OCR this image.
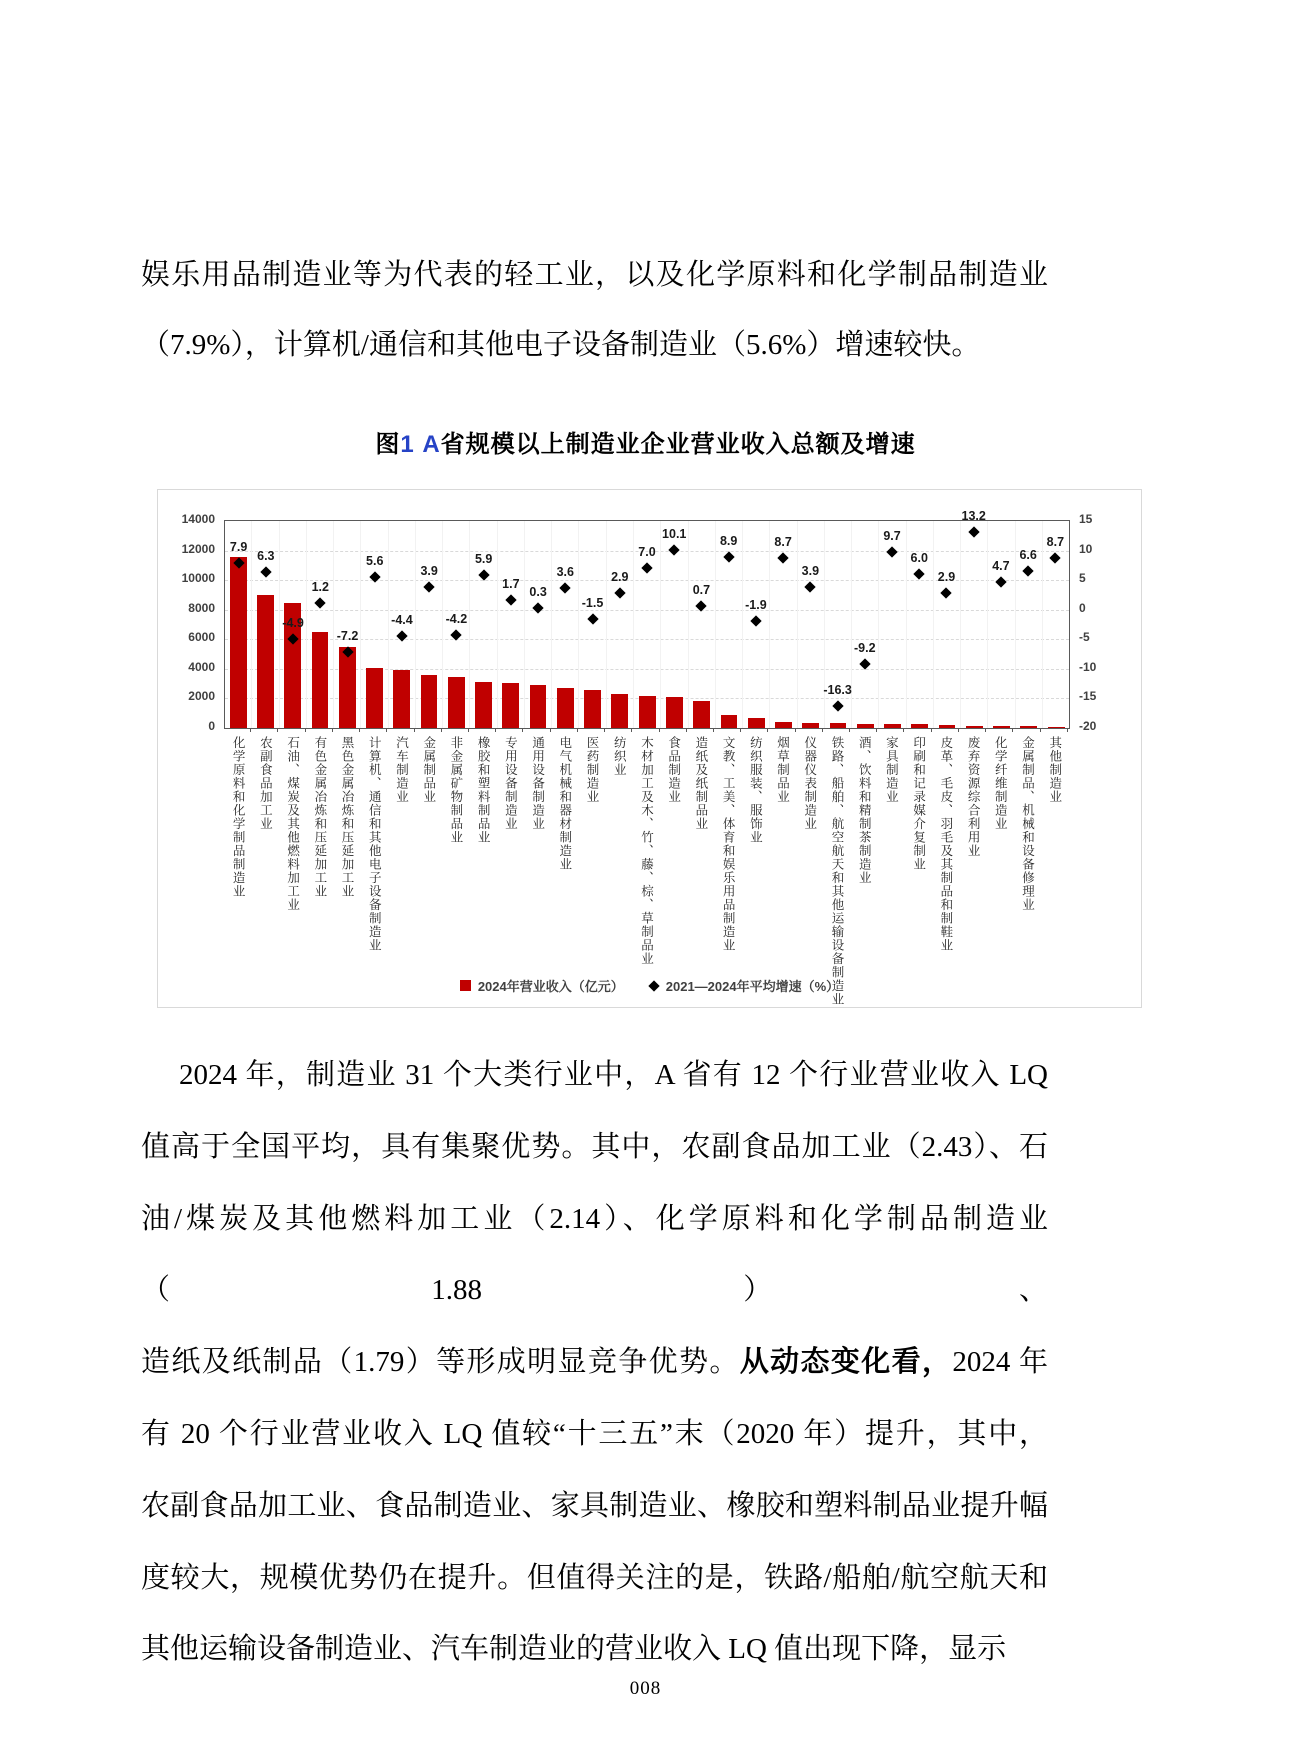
娱乐用品制造业等为代表的轻工业，以及化学原料和化学制品制造业
（7.9%），计算机/通信和其他电子设备制造业（5.6%）增速较快。
图1 A省规模以上制造业企业营业收入总额及增速
7.9
6.3
-4.9
1.2
-7.2
5.6
-4.4
3.9
-4.2
5.9
1.7
0.3
3.6
-1.5
2.9
7.0
10.1
0.7
8.9
-1.9
8.7
3.9
-16.3
-9.2
9.7
6.0
2.9
13.2
4.7
6.6
8.7
2024年营业收入（亿元）	2021—2024年平均增速（%）
0
2000
4000
6000
8000
10000
12000
14000	15
10
5
0
-5
-10
-15
-20
化学原料和化学制品制造业 农副食品加工业 石油、煤炭及其他燃料加工业 有色金属冶炼和压延加工业 黑色金属冶炼和压延加工业 计算机、通信和其他电子设备制造业 汽车制造业 金属制品业 非金属矿物制品业 橡胶和塑料制品业 专用设备制造业 通用设备制造业 电气机械和器材制造业 医药制造业 纺织业 木材加工及木、竹、藤、棕、草制品业 食品制造业 造纸及纸制品业 文教、工美、体育和娱乐用品制造业 纺织服装、服饰业 烟草制品业 仪器仪表制造业 铁路、船舶、航空航天和其他运输设备制造业 酒、饮料和精制茶制造业 家具制造业 印刷和记录媒介复制业 皮革、毛皮、羽毛及其制品和制鞋业 废弃资源综合利用业 化学纤维制造业 金属制品、机械和设备修理业 其他制造业
2024 年，制造业 31 个大类行业中，A 省有 12 个行业营业收入 LQ
值高于全国平均，具有集聚优势。其中，农副食品加工业（2.43）、石
油/煤炭及其他燃料加工业（2.14）、化学原料和化学制品制造业（1.88）、
造纸及纸制品（1.79）等形成明显竞争优势。从动态变化看，2024 年
有 20 个行业营业收入 LQ 值较“十三五”末（2020 年）提升，其中，
农副食品加工业、食品制造业、家具制造业、橡胶和塑料制品业提升幅
度较大，规模优势仍在提升。但值得关注的是，铁路/船舶/航空航天和
其他运输设备制造业、汽车制造业的营业收入 LQ 值出现下降，显示
008
